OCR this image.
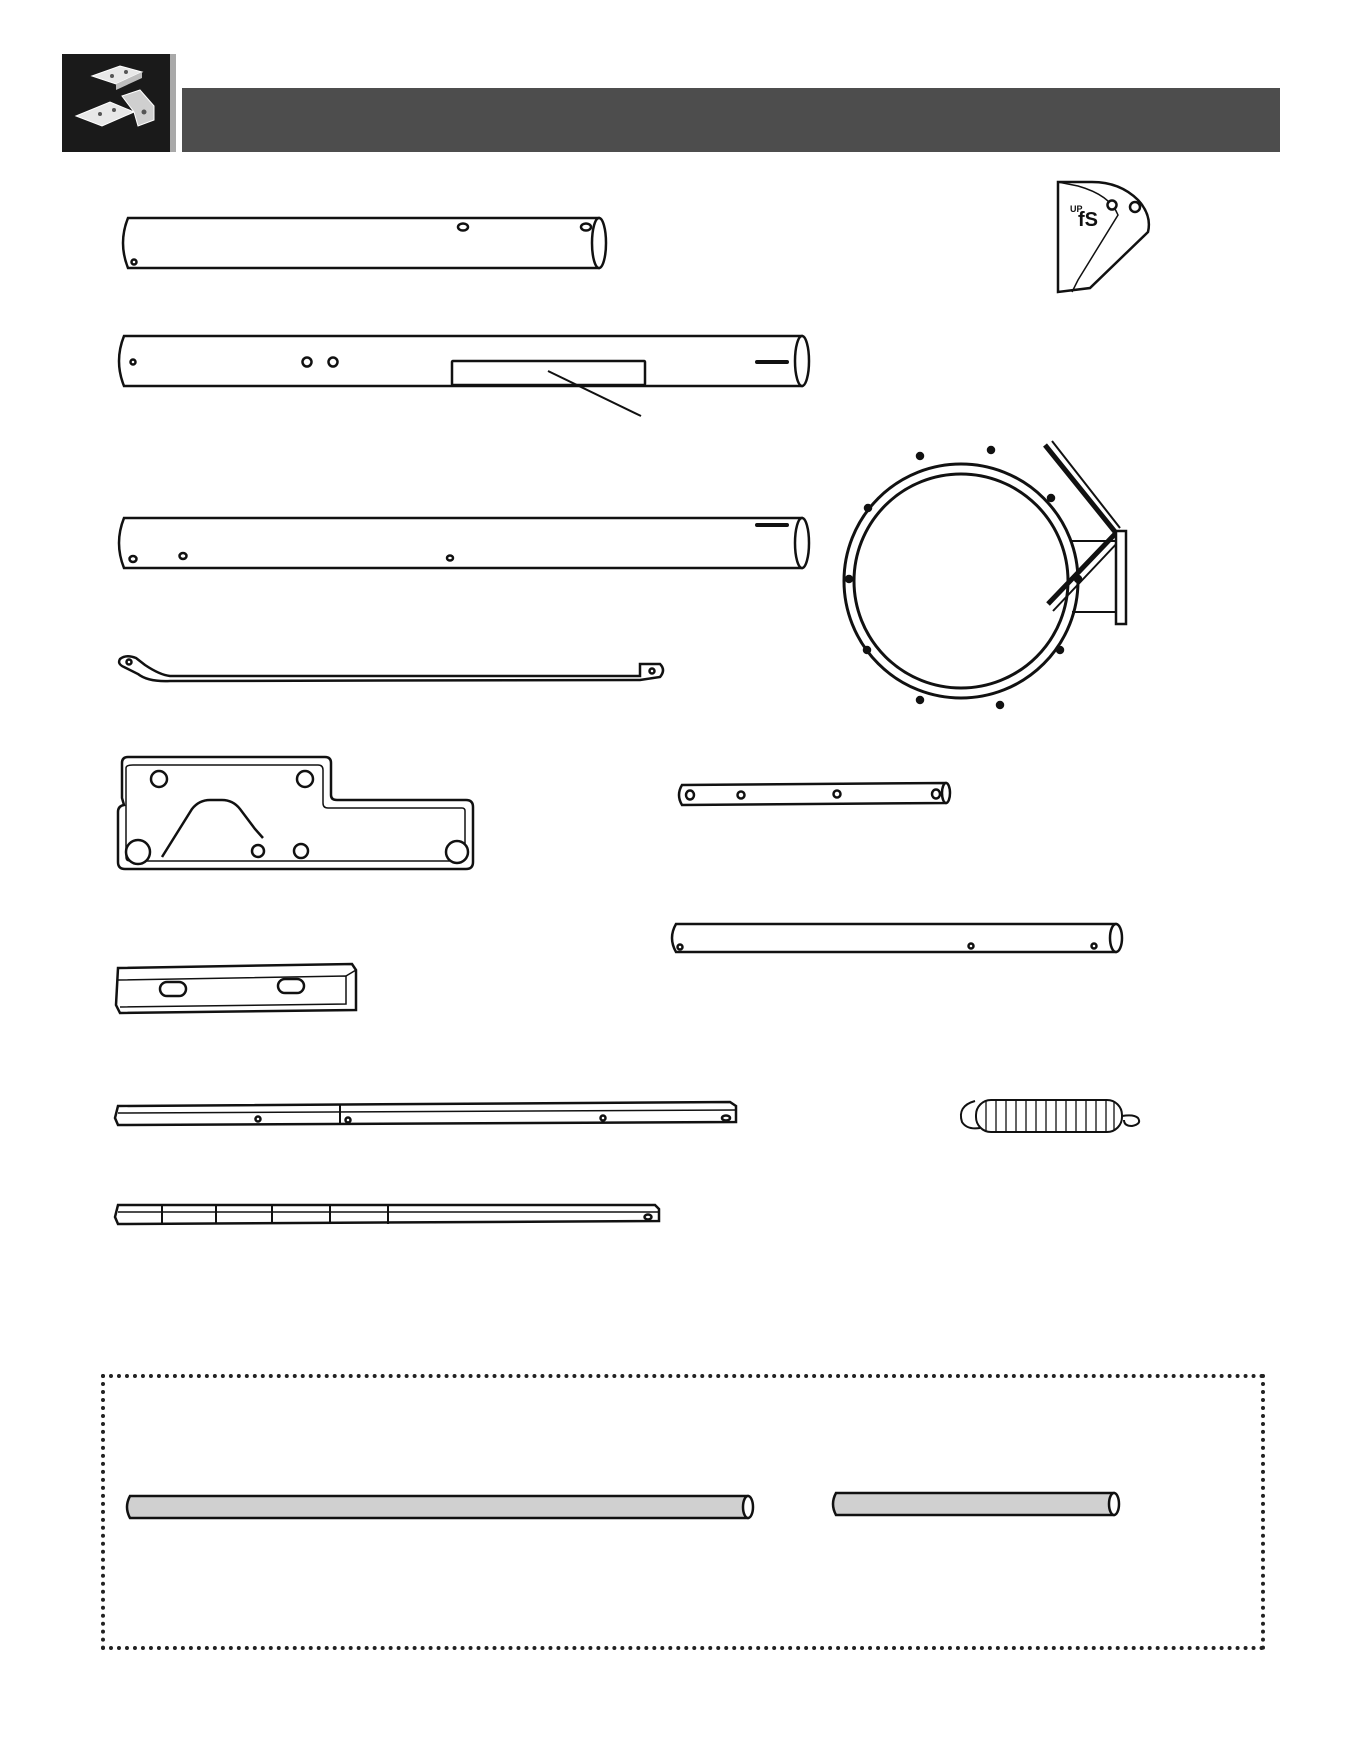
fS
UP
